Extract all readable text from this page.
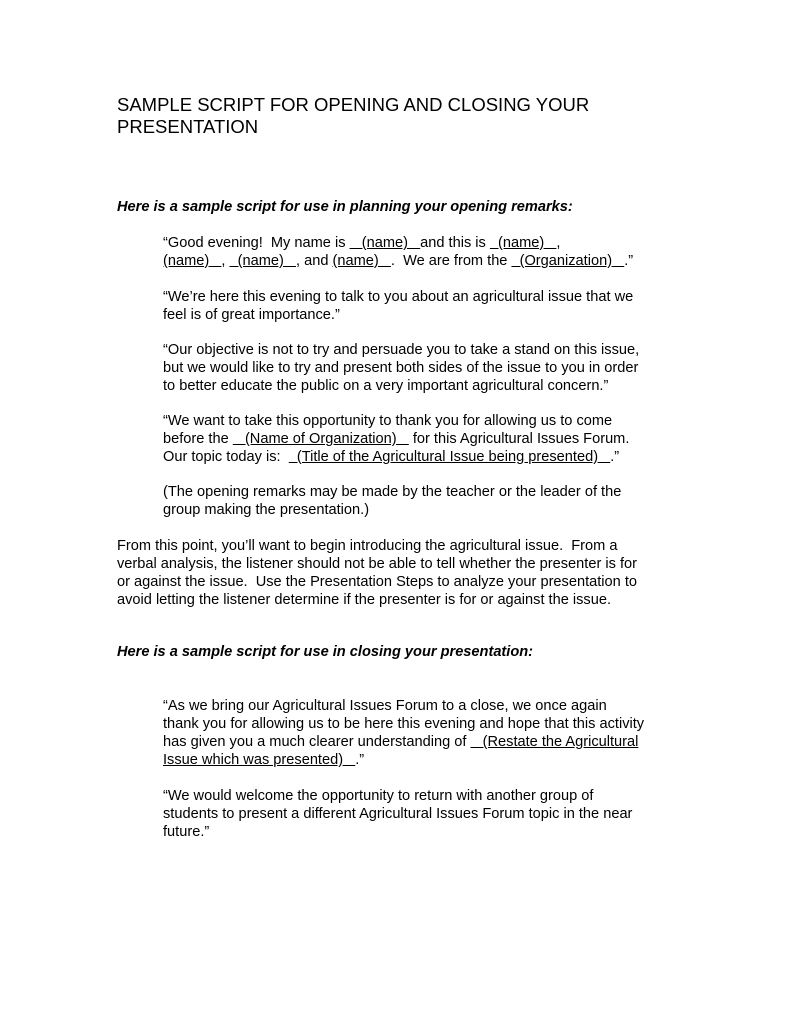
SAMPLE SCRIPT FOR OPENING AND CLOSING YOUR
PRESENTATION

Here is a sample script for use in planning your opening remarks:

“Good evening!  My name is    (name)   and this is   (name)   ,
(name)   ,   (name)   , and (name)   .  We are from the   (Organization)   .”

“We’re here this evening to talk to you about an agricultural issue that we
feel is of great importance.”

“Our objective is not to try and persuade you to take a stand on this issue,
but we would like to try and present both sides of the issue to you in order
to better educate the public on a very important agricultural concern.”

“We want to take this opportunity to thank you for allowing us to come
before the    (Name of Organization)    for this Agricultural Issues Forum.
Our topic today is:    (Title of the Agricultural Issue being presented)   .”

(The opening remarks may be made by the teacher or the leader of the
group making the presentation.)

From this point, you’ll want to begin introducing the agricultural issue.  From a
verbal analysis, the listener should not be able to tell whether the presenter is for
or against the issue.  Use the Presentation Steps to analyze your presentation to
avoid letting the listener determine if the presenter is for or against the issue.

Here is a sample script for use in closing your presentation:

“As we bring our Agricultural Issues Forum to a close, we once again
thank you for allowing us to be here this evening and hope that this activity
has given you a much clearer understanding of    (Restate the Agricultural
Issue which was presented)   .”

“We would welcome the opportunity to return with another group of
students to present a different Agricultural Issues Forum topic in the near
future.”
